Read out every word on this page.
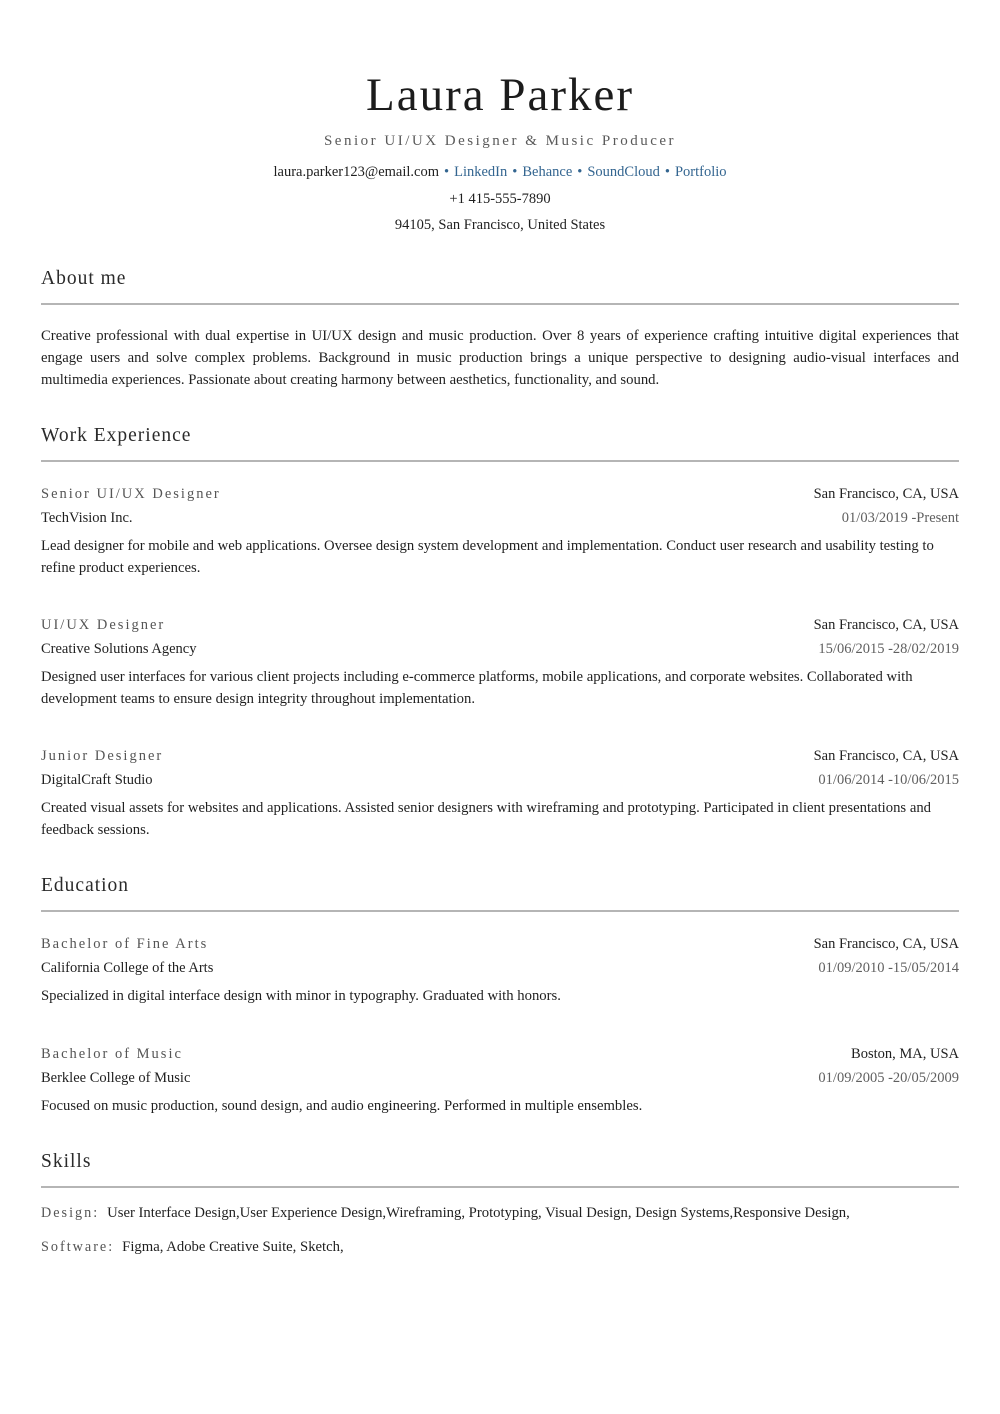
Laura Parker
Senior UI/UX Designer & Music Producer
laura.parker123@email.com • LinkedIn • Behance • SoundCloud • Portfolio
+1 415-555-7890
94105, San Francisco, United States
About me

Creative professional with dual expertise in UI/UX design and music production. Over 8 years of experience crafting intuitive digital experiences that engage users and solve complex problems. Background in music production brings a unique perspective to designing audio-visual interfaces and multimedia experiences. Passionate about creating harmony between aesthetics, functionality, and sound.

Work Experience
Senior UI/UX Designer
TechVision Inc.
San Francisco, CA, USA
01/03/2019 -Present
Lead designer for mobile and web applications. Oversee design system development and implementation. Conduct user research and usability testing to refine product experiences.
UI/UX Designer
Creative Solutions Agency
San Francisco, CA, USA
15/06/2015 -28/02/2019
Designed user interfaces for various client projects including e-commerce platforms, mobile applications, and corporate websites. Collaborated with development teams to ensure design integrity throughout implementation.
Junior Designer
DigitalCraft Studio
San Francisco, CA, USA
01/06/2014 -10/06/2015
Created visual assets for websites and applications. Assisted senior designers with wireframing and prototyping. Participated in client presentations and feedback sessions.
Education
Bachelor of Fine Arts
California College of the Arts
San Francisco, CA, USA
01/09/2010 -15/05/2014
Specialized in digital interface design with minor in typography. Graduated with honors.
Bachelor of Music
Berklee College of Music
Boston, MA, USA
01/09/2005 -20/05/2009
Focused on music production, sound design, and audio engineering. Performed in multiple ensembles.
Skills
Design: User Interface Design,User Experience Design,Wireframing, Prototyping, Visual Design, Design Systems,Responsive Design,
Software: Figma, Adobe Creative Suite, Sketch,
